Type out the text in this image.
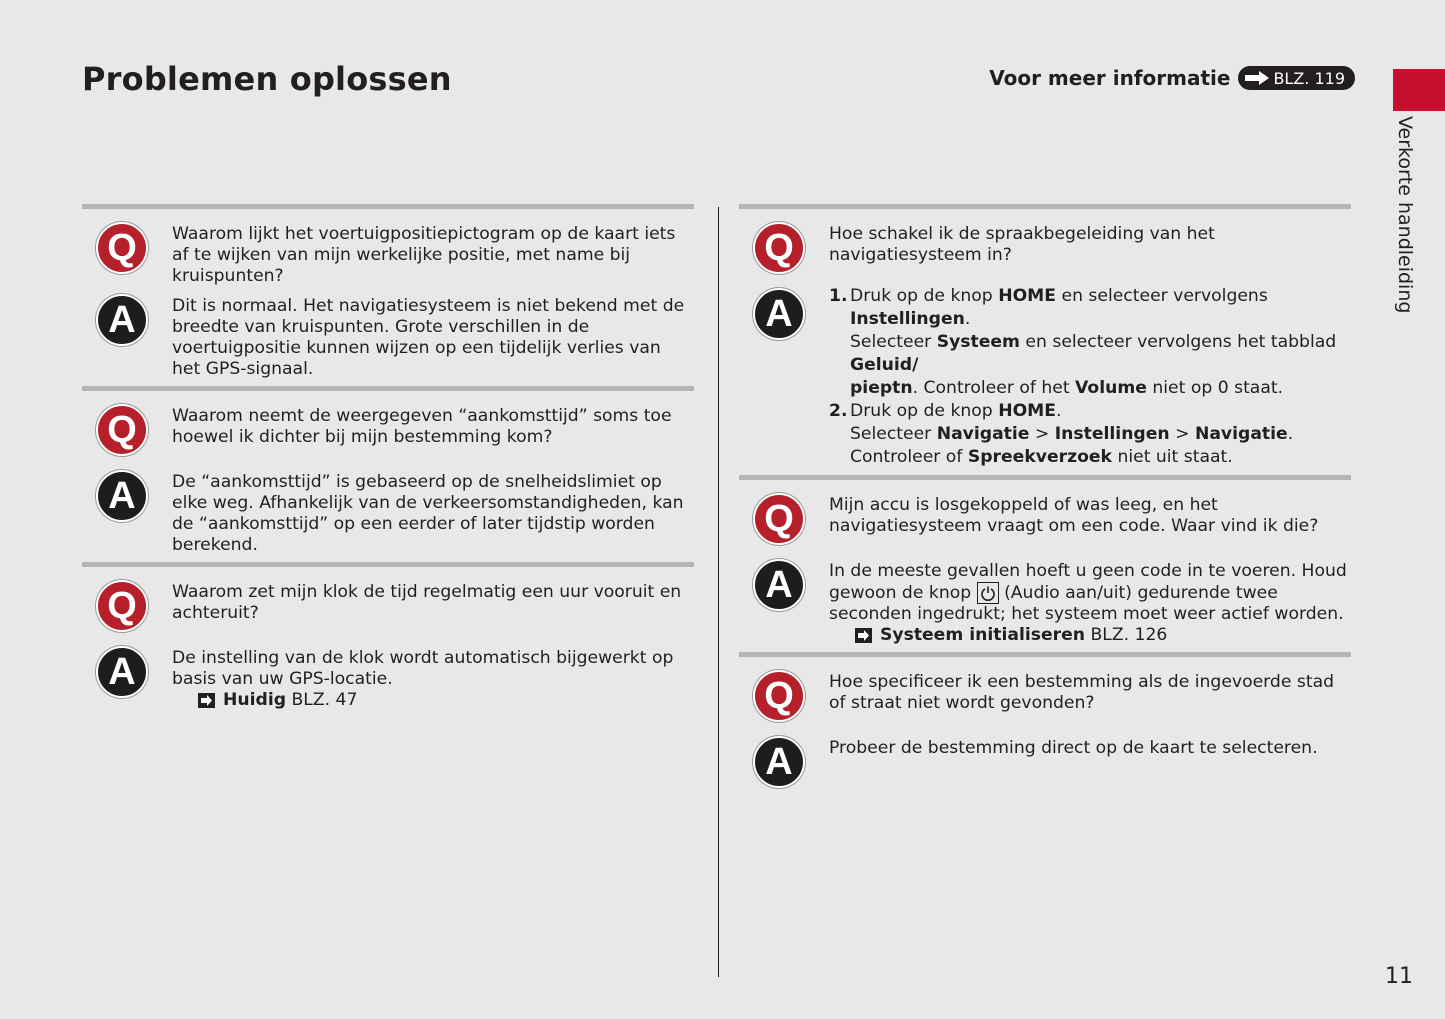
Problemen oplossen	Voor meer informatie	BLZ. 119
Verkorte handleiding
Q	Waarom lijkt het voertuigpositiepictogram op de kaart iets af te wijken van mijn werkelijke positie, met name bij kruispunten?
A	Dit is normaal. Het navigatiesysteem is niet bekend met de breedte van kruispunten. Grote verschillen in de voertuigpositie kunnen wijzen op een tijdelijk verlies van het GPS-signaal.
Q	Waarom neemt de weergegeven “aankomsttijd” soms toe hoewel ik dichter bij mijn bestemming kom?
A	De “aankomsttijd” is gebaseerd op de snelheidslimiet op elke weg. Afhankelijk van de verkeersomstandigheden, kan de “aankomsttijd” op een eerder of later tijdstip worden berekend.
Q	Waarom zet mijn klok de tijd regelmatig een uur vooruit en achteruit?
A	De instelling van de klok wordt automatisch bijgewerkt op basis van uw GPS-locatie.
Huidig BLZ. 47
Q	Hoe schakel ik de spraakbegeleiding van het navigatiesysteem in?
A	1. Druk op de knop HOME en selecteer vervolgens Instellingen.
Selecteer Systeem en selecteer vervolgens het tabblad Geluid/
pieptn. Controleer of het Volume niet op 0 staat.
2. Druk op de knop HOME.
Selecteer Navigatie > Instellingen > Navigatie.
Controleer of Spreekverzoek niet uit staat.
Q	Mijn accu is losgekoppeld of was leeg, en het navigatiesysteem vraagt om een code. Waar vind ik die?
A	In de meeste gevallen hoeft u geen code in te voeren. Houd gewoon de knop (Audio aan/uit) gedurende twee seconden ingedrukt; het systeem moet weer actief worden.
Systeem initialiseren BLZ. 126
Q	Hoe specificeer ik een bestemming als de ingevoerde stad of straat niet wordt gevonden?
A	Probeer de bestemming direct op de kaart te selecteren.
11
